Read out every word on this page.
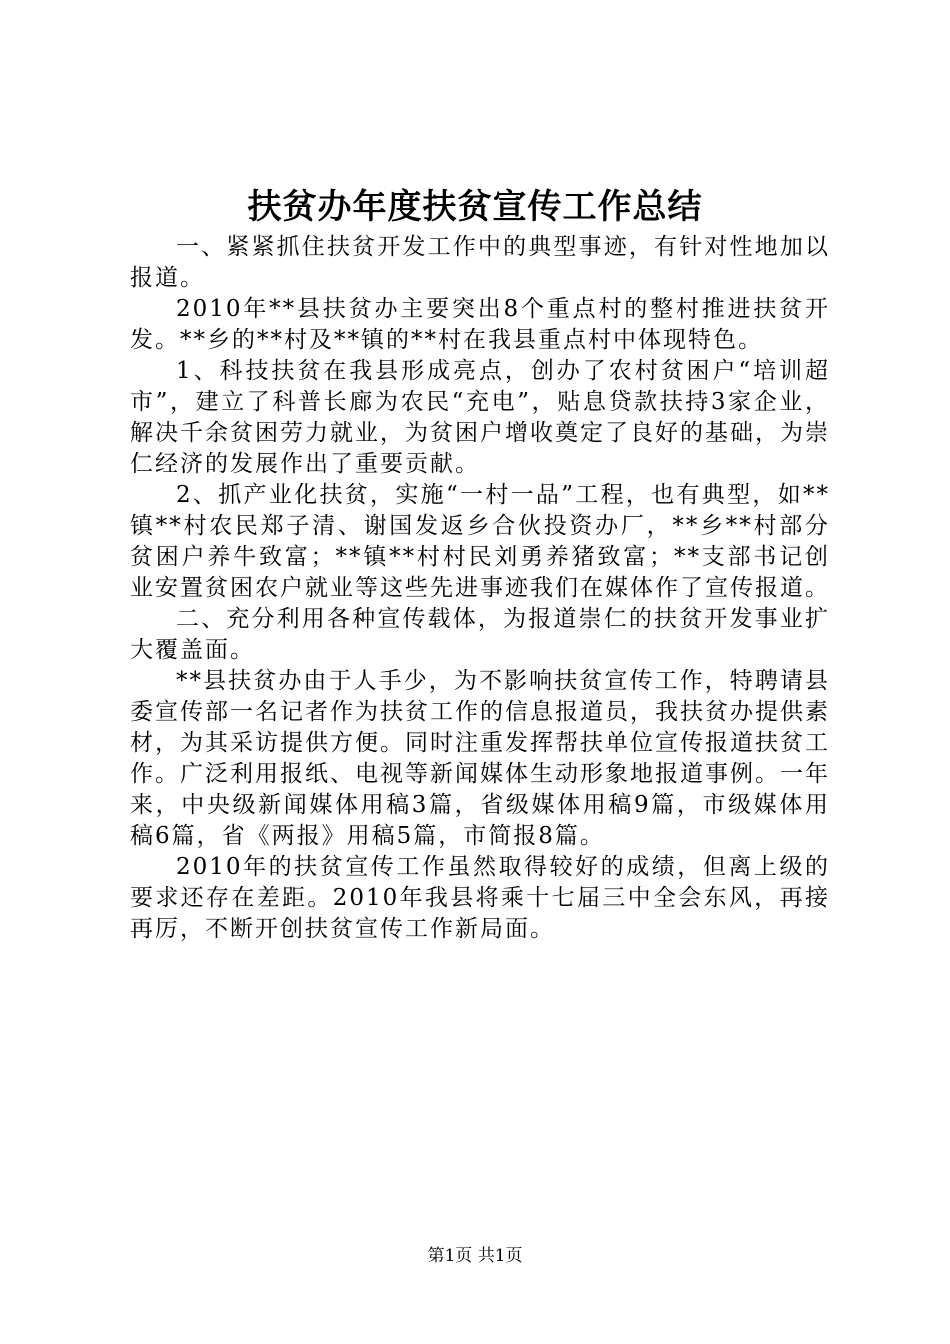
扶贫办年度扶贫宣传工作总结

一、紧紧抓住扶贫开发工作中的典型事迹，有针对性地加以报道。

2010年**县扶贫办主要突出8个重点村的整村推进扶贫开发。**乡的**村及**镇的**村在我县重点村中体现特色。

1、科技扶贫在我县形成亮点，创办了农村贫困户“培训超市”，建立了科普长廊为农民“充电”，贴息贷款扶持3家企业，解决千余贫困劳力就业，为贫困户增收奠定了良好的基础，为崇仁经济的发展作出了重要贡献。

2、抓产业化扶贫，实施“一村一品”工程，也有典型，如**镇**村农民郑子清、谢国发返乡合伙投资办厂，**乡**村部分贫困户养牛致富；**镇**村村民刘勇养猪致富；**支部书记创业安置贫困农户就业等这些先进事迹我们在媒体作了宣传报道。

二、充分利用各种宣传载体，为报道崇仁的扶贫开发事业扩大覆盖面。

**县扶贫办由于人手少，为不影响扶贫宣传工作，特聘请县委宣传部一名记者作为扶贫工作的信息报道员，我扶贫办提供素材，为其采访提供方便。同时注重发挥帮扶单位宣传报道扶贫工作。广泛利用报纸、电视等新闻媒体生动形象地报道事例。一年来，中央级新闻媒体用稿3篇，省级媒体用稿9篇，市级媒体用稿6篇，省《两报》用稿5篇，市简报8篇。

2010年的扶贫宣传工作虽然取得较好的成绩，但离上级的要求还存在差距。2010年我县将乘十七届三中全会东风，再接再厉，不断开创扶贫宣传工作新局面。

第1页 共1页
